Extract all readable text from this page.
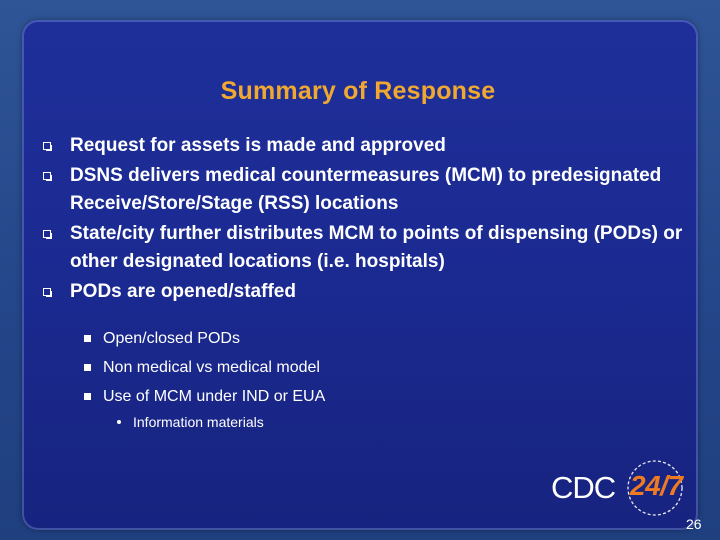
Summary of Response
Request for assets is made and approved
DSNS delivers medical countermeasures (MCM) to predesignated Receive/Store/Stage (RSS) locations
State/city further distributes MCM to points of dispensing (PODs) or other designated locations (i.e. hospitals)
PODs are opened/staffed
Open/closed PODs
Non medical vs medical model
Use of MCM under IND or EUA
Information materials
CDC 24/7
26
